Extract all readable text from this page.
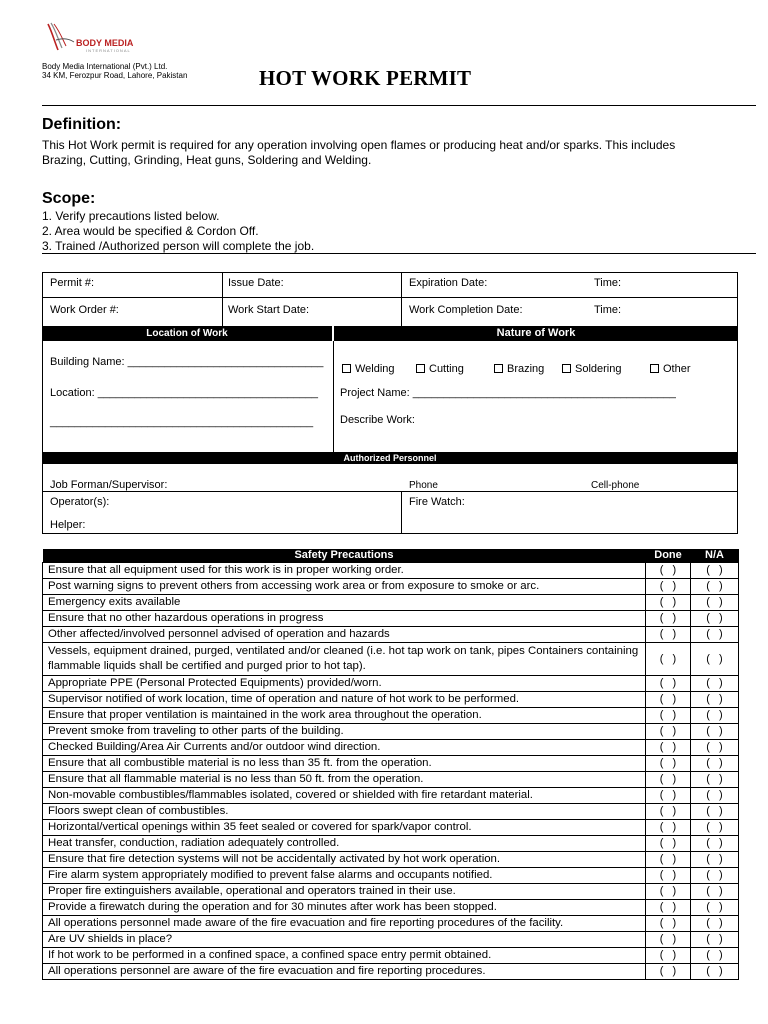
BODY MEDIA
INTERNATIONAL
Body Media International (Pvt.) Ltd.
34 KM, Ferozpur Road, Lahore, Pakistan	HOT WORK PERMIT
Definition:
This Hot Work permit is required for any operation involving open flames or producing heat and/or sparks. This includes
Brazing, Cutting, Grinding, Heat guns, Soldering and Welding.
Scope:
1. Verify precautions listed below.
2. Area would be specified & Cordon Off.
3. Trained /Authorized person will complete the job.
Permit #:	Issue Date:	Expiration Date:	Time:
Work Order #:	Work Start Date:	Work Completion Date:	Time:
Location of Work	Nature of Work
Building Name: ________________________________
Location: ____________________________________
___________________________________________
Welding	Cutting	Brazing	Soldering	Other
Project Name: ___________________________________________
Describe Work:
Authorized Personnel
Job Forman/Supervisor:	Phone	Cell-phone
Operator(s):	Fire Watch:
Helper:
Safety Precautions	Done	N/A
Ensure that all equipment used for this work is in proper working order.	( )	( )
Post warning signs to prevent others from accessing work area or from exposure to smoke or arc.	( )	( )
Emergency exits available	( )	( )
Ensure that no other hazardous operations in progress	( )	( )
Other affected/involved personnel advised of operation and hazards	( )	( )
Vessels, equipment drained, purged, ventilated and/or cleaned (i.e. hot tap work on tank, pipes Containers containing flammable liquids shall be certified and purged prior to hot tap).	( )	( )
Appropriate PPE (Personal Protected Equipments) provided/worn.	( )	( )
Supervisor notified of work location, time of operation and nature of hot work to be performed.	( )	( )
Ensure that proper ventilation is maintained in the work area throughout the operation.	( )	( )
Prevent smoke from traveling to other parts of the building.	( )	( )
Checked Building/Area Air Currents and/or outdoor wind direction.	( )	( )
Ensure that all combustible material is no less than 35 ft. from the operation.	( )	( )
Ensure that all flammable material is no less than 50 ft. from the operation.	( )	( )
Non-movable combustibles/flammables isolated, covered or shielded with fire retardant material.	( )	( )
Floors swept clean of combustibles.	( )	( )
Horizontal/vertical openings within 35 feet sealed or covered for spark/vapor control.	( )	( )
Heat transfer, conduction, radiation adequately controlled.	( )	( )
Ensure that fire detection systems will not be accidentally activated by hot work operation.	( )	( )
Fire alarm system appropriately modified to prevent false alarms and occupants notified.	( )	( )
Proper fire extinguishers available, operational and operators trained in their use.	( )	( )
Provide a firewatch during the operation and for 30 minutes after work has been stopped.	( )	( )
All operations personnel made aware of the fire evacuation and fire reporting procedures of the facility.	( )	( )
Are UV shields in place?	( )	( )
If hot work to be performed in a confined space, a confined space entry permit obtained.	( )	( )
All operations personnel are aware of the fire evacuation and fire reporting procedures.	( )	( )
